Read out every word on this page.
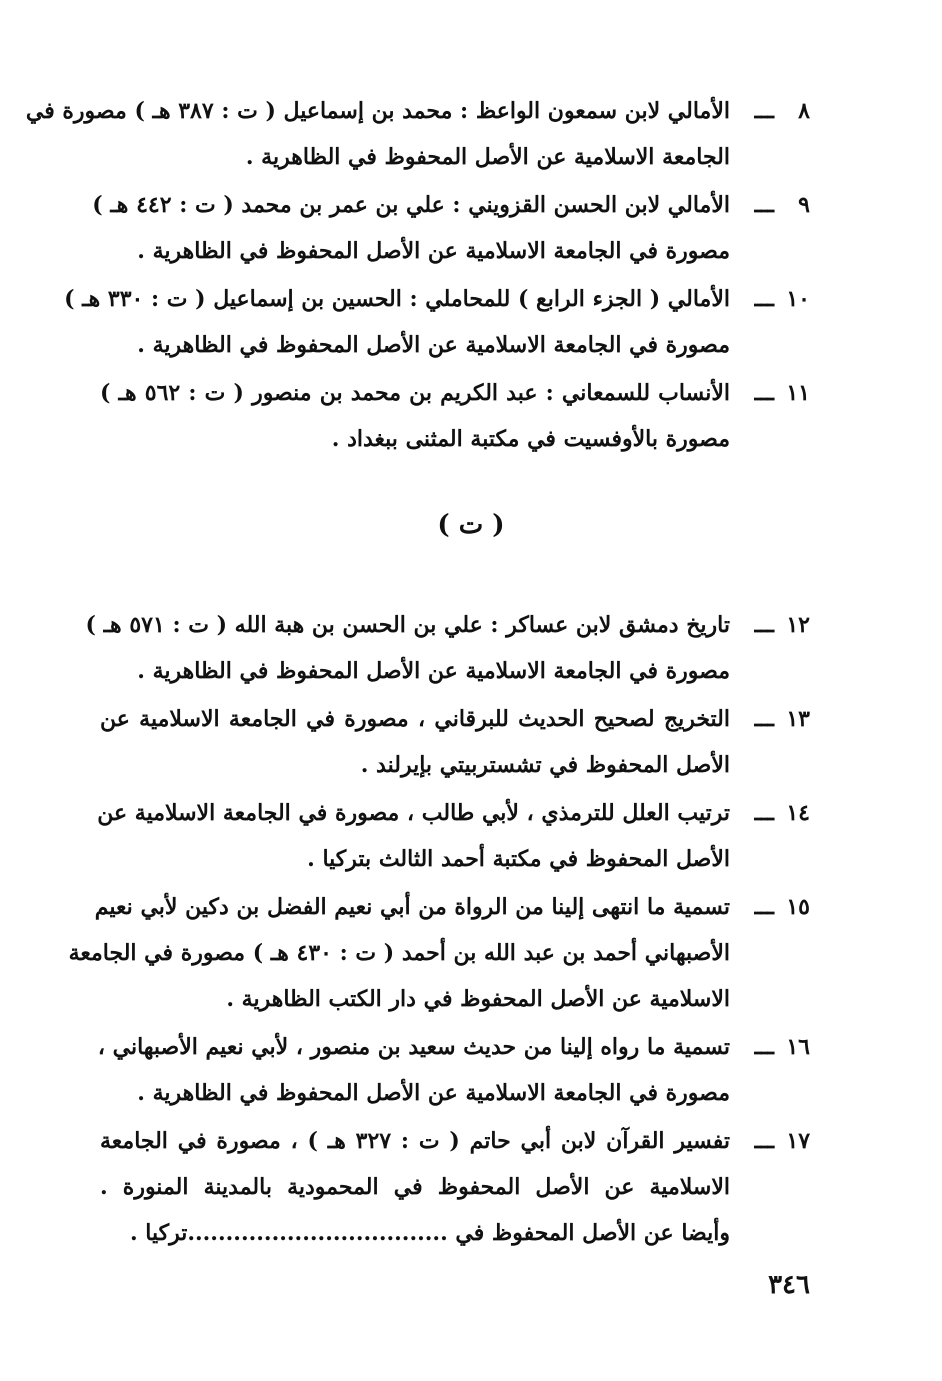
٨ـــالأمالي لابن سمعون الواعظ : محمد بن إسماعيل ( ت : ٣٨٧ هـ ) مصورة في
الجامعة الاسلامية عن الأصل المحفوظ في الظاهرية .
٩ـــالأمالي لابن الحسن القزويني : علي بن عمر بن محمد ( ت : ٤٤٢ هـ )
مصورة في الجامعة الاسلامية عن الأصل المحفوظ في الظاهرية .
١٠ـــالأمالي ( الجزء الرابع ) للمحاملي : الحسين بن إسماعيل ( ت : ٣٣٠ هـ )
مصورة في الجامعة الاسلامية عن الأصل المحفوظ في الظاهرية .
١١ـــالأنساب للسمعاني : عبد الكريم بن محمد بن منصور ( ت : ٥٦٢ هـ )
مصورة بالأوفسيت في مكتبة المثنى ببغداد .
١٢ـــتاريخ دمشق لابن عساكر : علي بن الحسن بن هبة الله ( ت : ٥٧١ هـ )
مصورة في الجامعة الاسلامية عن الأصل المحفوظ في الظاهرية .
١٣ـــالتخريج لصحيح الحديث للبرقاني ، مصورة في الجامعة الاسلامية عن
الأصل المحفوظ في تشستربيتي بإيرلند .
١٤ـــترتيب العلل للترمذي ، لأبي طالب ، مصورة في الجامعة الاسلامية عن
الأصل المحفوظ في مكتبة أحمد الثالث بتركيا .
١٥ـــتسمية ما انتهى إلينا من الرواة من أبي نعيم الفضل بن دكين لأبي نعيم
الأصبهاني أحمد بن عبد الله بن أحمد ( ت : ٤٣٠ هـ ) مصورة في الجامعة
الاسلامية عن الأصل المحفوظ في دار الكتب الظاهرية .
١٦ـــتسمية ما رواه إلينا من حديث سعيد بن منصور ، لأبي نعيم الأصبهاني ،
مصورة في الجامعة الاسلامية عن الأصل المحفوظ في الظاهرية .
١٧ـــتفسير القرآن لابن أبي حاتم ( ت : ٣٢٧ هـ ) ، مصورة في الجامعة
الاسلامية عن الأصل المحفوظ في المحمودية بالمدينة المنورة .
وأيضا عن الأصل المحفوظ في ..................................تركيا .
( ت )
٣٤٦
